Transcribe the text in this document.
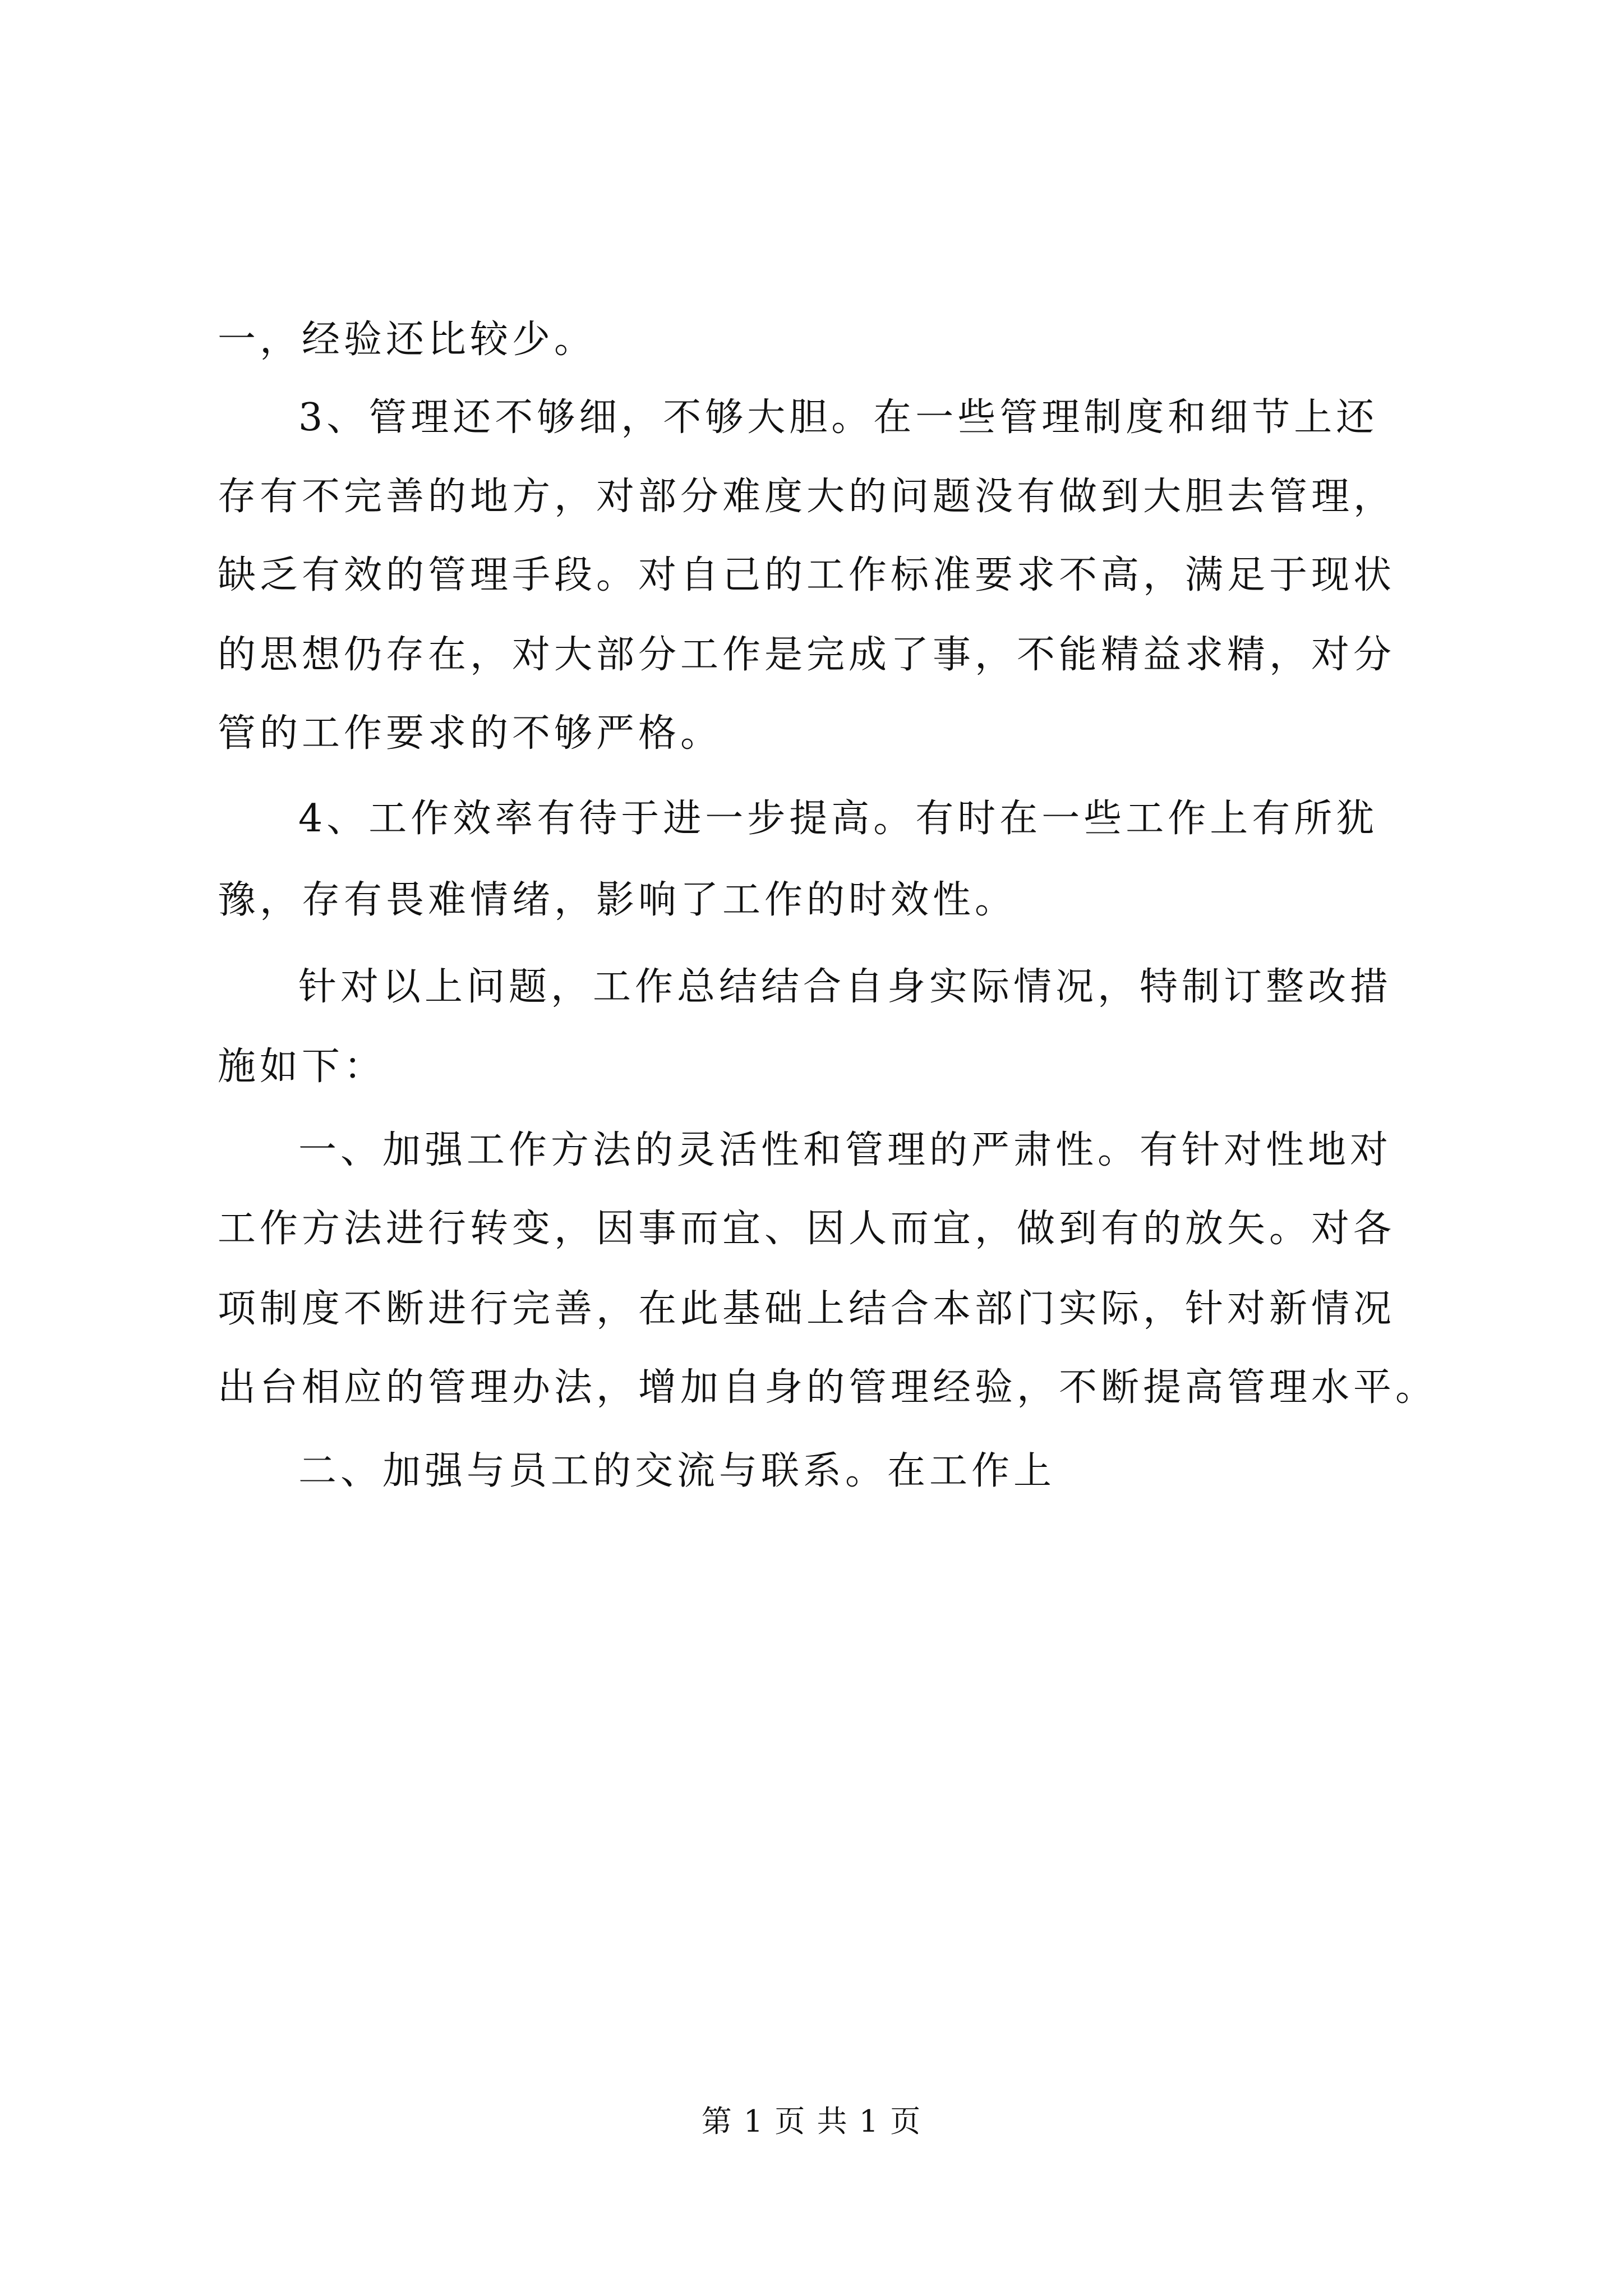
一，经验还比较少。
3、管理还不够细，不够大胆。在一些管理制度和细节上还
存有不完善的地方，对部分难度大的问题没有做到大胆去管理，
缺乏有效的管理手段。对自己的工作标准要求不高，满足于现状
的思想仍存在，对大部分工作是完成了事，不能精益求精，对分
管的工作要求的不够严格。
4、工作效率有待于进一步提高。有时在一些工作上有所犹
豫，存有畏难情绪，影响了工作的时效性。
针对以上问题，工作总结结合自身实际情况，特制订整改措
施如下：
一、加强工作方法的灵活性和管理的严肃性。有针对性地对
工作方法进行转变，因事而宜、因人而宜，做到有的放矢。对各
项制度不断进行完善，在此基础上结合本部门实际，针对新情况
出台相应的管理办法，增加自身的管理经验，不断提高管理水平。
二、加强与员工的交流与联系。在工作上
第 1 页 共 1 页
